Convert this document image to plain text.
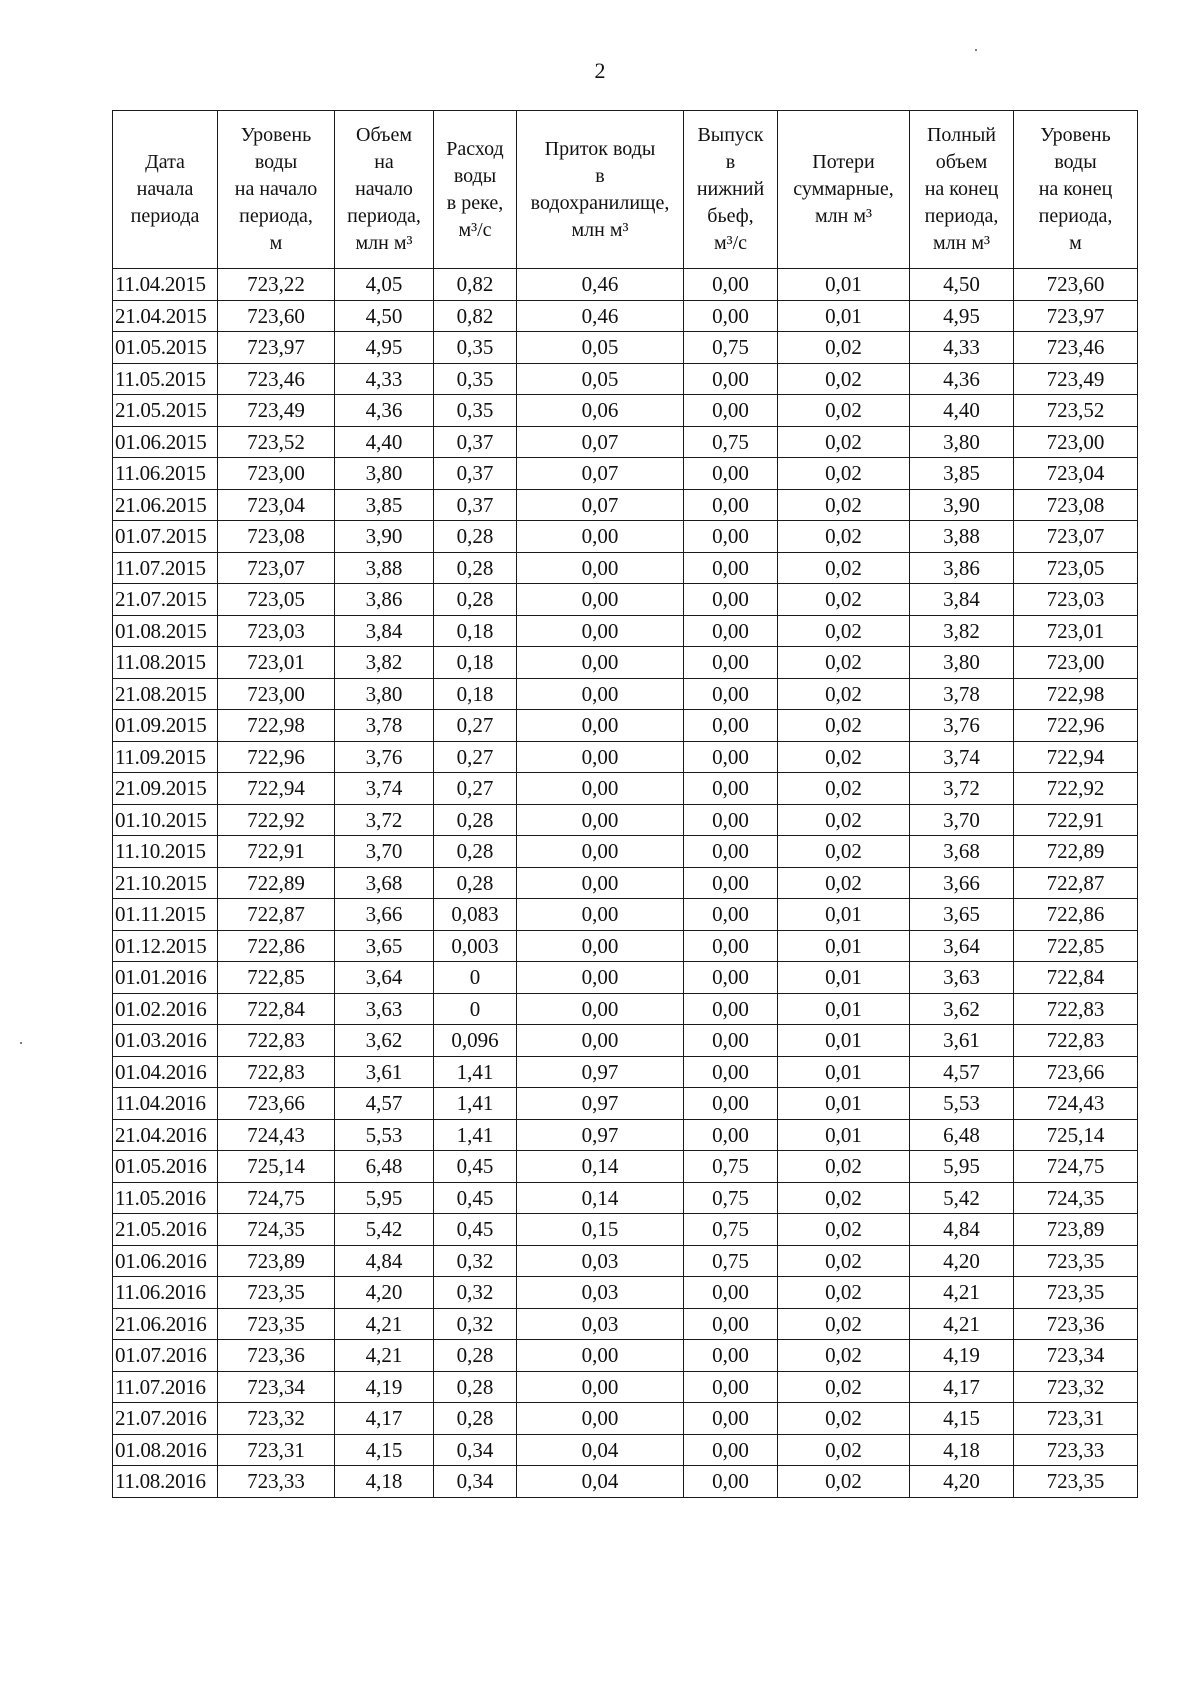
2
Дата
начала
периода	Уровень
воды
на начало
периода,
м	Объем
на
начало
периода,
млн м³	Расход
воды
в реке,
м³/с	Приток воды
в
водохранилище,
млн м³	Выпуск
в
нижний
бьеф,
м³/с	Потери
суммарные,
млн м³	Полный
объем
на конец
периода,
млн м³	Уровень
воды
на конец
периода,
м

11.04.2015	723,22	4,05	0,82	0,46	0,00	0,01	4,50	723,60
21.04.2015	723,60	4,50	0,82	0,46	0,00	0,01	4,95	723,97
01.05.2015	723,97	4,95	0,35	0,05	0,75	0,02	4,33	723,46
11.05.2015	723,46	4,33	0,35	0,05	0,00	0,02	4,36	723,49
21.05.2015	723,49	4,36	0,35	0,06	0,00	0,02	4,40	723,52
01.06.2015	723,52	4,40	0,37	0,07	0,75	0,02	3,80	723,00
11.06.2015	723,00	3,80	0,37	0,07	0,00	0,02	3,85	723,04
21.06.2015	723,04	3,85	0,37	0,07	0,00	0,02	3,90	723,08
01.07.2015	723,08	3,90	0,28	0,00	0,00	0,02	3,88	723,07
11.07.2015	723,07	3,88	0,28	0,00	0,00	0,02	3,86	723,05
21.07.2015	723,05	3,86	0,28	0,00	0,00	0,02	3,84	723,03
01.08.2015	723,03	3,84	0,18	0,00	0,00	0,02	3,82	723,01
11.08.2015	723,01	3,82	0,18	0,00	0,00	0,02	3,80	723,00
21.08.2015	723,00	3,80	0,18	0,00	0,00	0,02	3,78	722,98
01.09.2015	722,98	3,78	0,27	0,00	0,00	0,02	3,76	722,96
11.09.2015	722,96	3,76	0,27	0,00	0,00	0,02	3,74	722,94
21.09.2015	722,94	3,74	0,27	0,00	0,00	0,02	3,72	722,92
01.10.2015	722,92	3,72	0,28	0,00	0,00	0,02	3,70	722,91
11.10.2015	722,91	3,70	0,28	0,00	0,00	0,02	3,68	722,89
21.10.2015	722,89	3,68	0,28	0,00	0,00	0,02	3,66	722,87
01.11.2015	722,87	3,66	0,083	0,00	0,00	0,01	3,65	722,86
01.12.2015	722,86	3,65	0,003	0,00	0,00	0,01	3,64	722,85
01.01.2016	722,85	3,64	0	0,00	0,00	0,01	3,63	722,84
01.02.2016	722,84	3,63	0	0,00	0,00	0,01	3,62	722,83
01.03.2016	722,83	3,62	0,096	0,00	0,00	0,01	3,61	722,83
01.04.2016	722,83	3,61	1,41	0,97	0,00	0,01	4,57	723,66
11.04.2016	723,66	4,57	1,41	0,97	0,00	0,01	5,53	724,43
21.04.2016	724,43	5,53	1,41	0,97	0,00	0,01	6,48	725,14
01.05.2016	725,14	6,48	0,45	0,14	0,75	0,02	5,95	724,75
11.05.2016	724,75	5,95	0,45	0,14	0,75	0,02	5,42	724,35
21.05.2016	724,35	5,42	0,45	0,15	0,75	0,02	4,84	723,89
01.06.2016	723,89	4,84	0,32	0,03	0,75	0,02	4,20	723,35
11.06.2016	723,35	4,20	0,32	0,03	0,00	0,02	4,21	723,35
21.06.2016	723,35	4,21	0,32	0,03	0,00	0,02	4,21	723,36
01.07.2016	723,36	4,21	0,28	0,00	0,00	0,02	4,19	723,34
11.07.2016	723,34	4,19	0,28	0,00	0,00	0,02	4,17	723,32
21.07.2016	723,32	4,17	0,28	0,00	0,00	0,02	4,15	723,31
01.08.2016	723,31	4,15	0,34	0,04	0,00	0,02	4,18	723,33
11.08.2016	723,33	4,18	0,34	0,04	0,00	0,02	4,20	723,35
